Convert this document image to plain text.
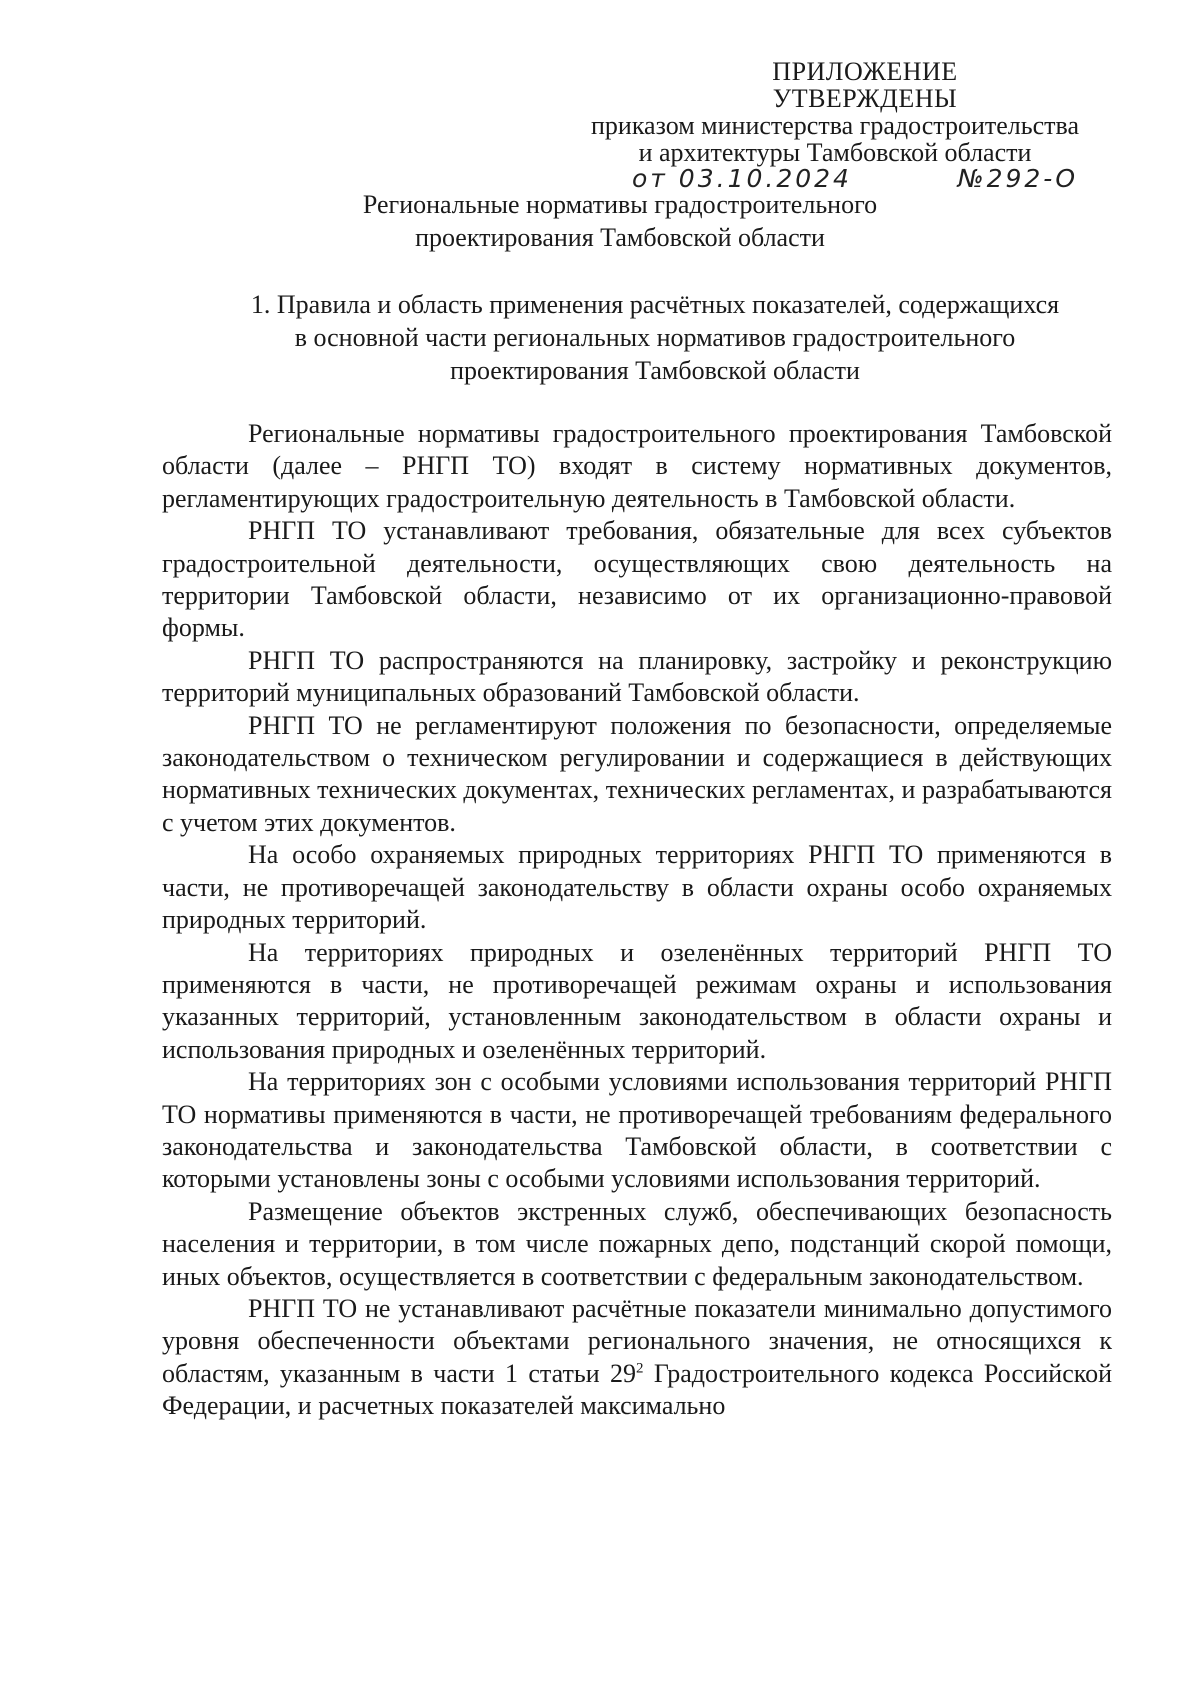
ПРИЛОЖЕНИЕ
УТВЕРЖДЕНЫ
приказом министерства градостроительства
и архитектуры Тамбовской области
от 03.10.2024	№292-О
Региональные нормативы градостроительного
проектирования Тамбовской области
1. Правила и область применения расчётных показателей, содержащихся
в основной части региональных нормативов градостроительного
проектирования Тамбовской области

Региональные нормативы градостроительного проектирования Тамбовской области (далее – РНГП ТО) входят в систему нормативных документов, регламентирующих градостроительную деятельность в Тамбовской области.

РНГП ТО устанавливают требования, обязательные для всех субъектов градостроительной деятельности, осуществляющих свою деятельность на территории Тамбовской области, независимо от их организационно-правовой формы.

РНГП ТО распространяются на планировку, застройку и реконструкцию территорий муниципальных образований Тамбовской области.

РНГП ТО не регламентируют положения по безопасности, определяемые законодательством о техническом регулировании и содержащиеся в действующих нормативных технических документах, технических регламентах, и разрабатываются с учетом этих документов.

На особо охраняемых природных территориях РНГП ТО применяются в части, не противоречащей законодательству в области охраны особо охраняемых природных территорий.

На территориях природных и озеленённых территорий РНГП ТО применяются в части, не противоречащей режимам охраны и использования указанных территорий, установленным законодательством в области охраны и использования природных и озеленённых территорий.

На территориях зон с особыми условиями использования территорий РНГП ТО нормативы применяются в части, не противоречащей требованиям федерального законодательства и законодательства Тамбовской области, в соответствии с которыми установлены зоны с особыми условиями использования территорий.

Размещение объектов экстренных служб, обеспечивающих безопасность населения и территории, в том числе пожарных депо, подстанций скорой помощи, иных объектов, осуществляется в соответствии с федеральным законодательством.

РНГП ТО не устанавливают расчётные показатели минимально допустимого уровня обеспеченности объектами регионального значения, не относящихся к областям, указанным в части 1 статьи $29^2$ Градостроительного кодекса Российской Федерации, и расчетных показателей максимально
